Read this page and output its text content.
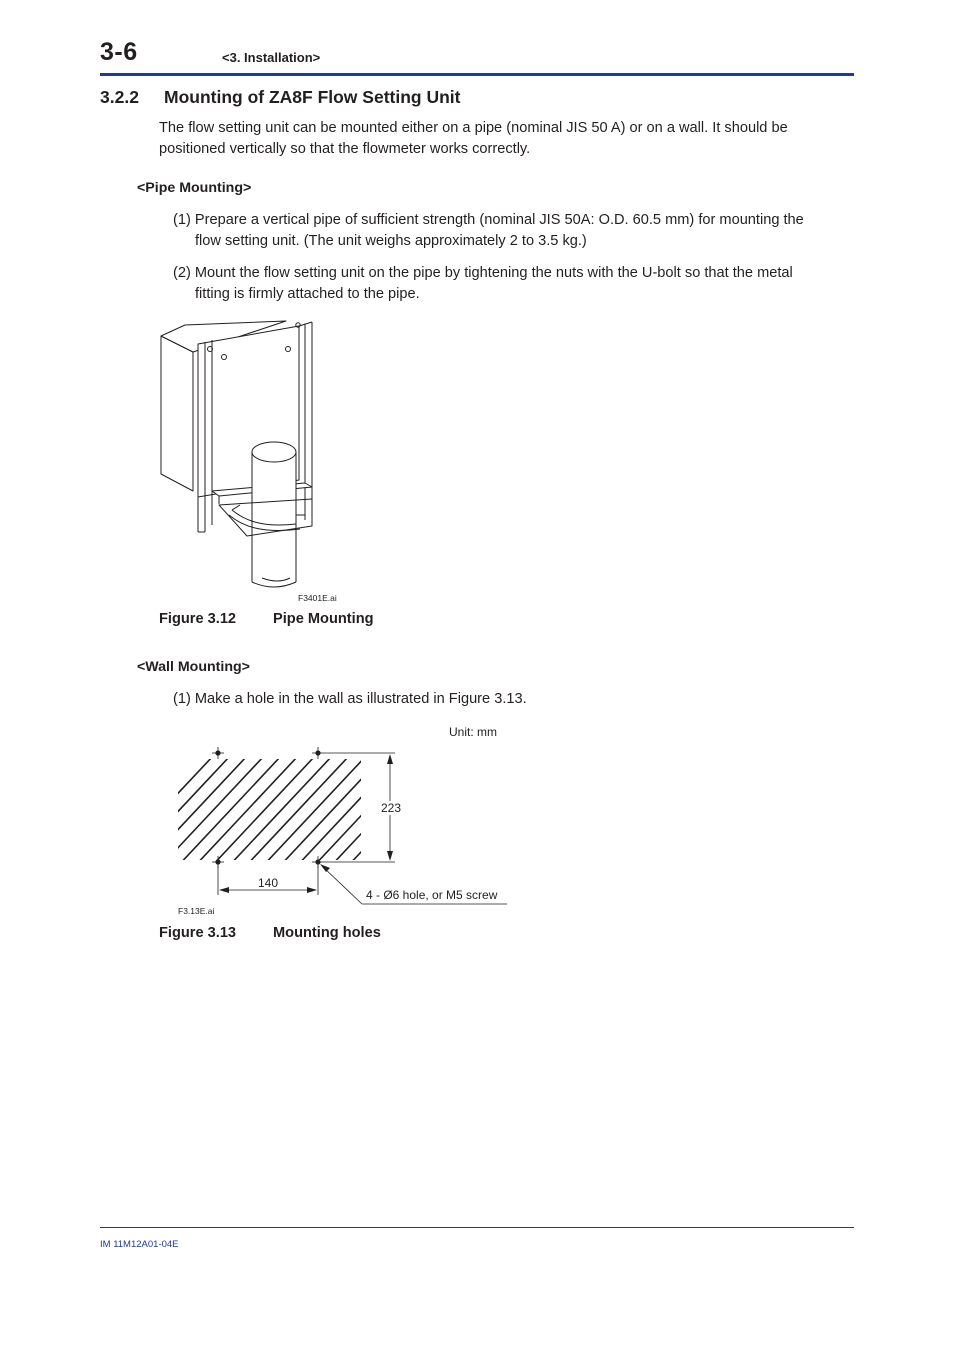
3-6	<3. Installation>
3.2.2 Mounting of ZA8F Flow Setting Unit
The flow setting unit can be mounted either on a pipe (nominal JIS 50 A) or on a wall. It should be
positioned vertically so that the flowmeter works correctly.
<Pipe Mounting>
(1) Prepare a vertical pipe of sufficient strength (nominal JIS 50A: O.D. 60.5 mm) for mounting the
flow setting unit. (The unit weighs approximately 2 to 3.5 kg.)
(2) Mount the flow setting unit on the pipe by tightening the nuts with the U-bolt so that the metal
fitting is firmly attached to the pipe.
F3401E.ai
Figure 3.12	Pipe Mounting
<Wall Mounting>
(1) Make a hole in the wall as illustrated in Figure 3.13.
Unit: mm
223
140
4 - Ø6 hole, or M5 screw
F3.13E.ai
Figure 3.13	Mounting holes
IM 11M12A01-04E
